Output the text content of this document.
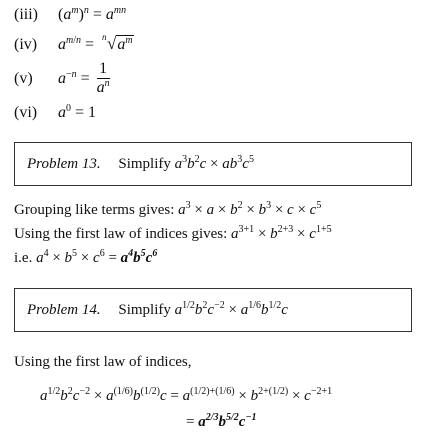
(iii) $(a^m)^n = a^{mn}$
(iv) $a^{m/n} = n$ $√a^m$
(v) $a^{-n} = \frac{1}{a^n}$
(vi) $a^0 = 1$
Problem 13. Simplify $a^3b^2c \times ab^3c^5$
Grouping like terms gives: $a^3 \times a \times b^2 \times b^3 \times c \times c^5$
Using the first law of indices gives: $a^{3+1} \times b^{2+3} \times c^{1+5}$
i.e. $a^4 \times b^5 \times c^6 = a^4b^5c^6$
Problem 14. Simplify $a^{1/2}b^2c^{-2} \times a^{1/6}b^{1/2}c$
Using the first law of indices,
$a^{1/2}b^2c^{-2} \times a^{(1/6)}b^{(1/2)}c = a^{(1/2)+(1/6)} \times b^{2+(1/2)} \times c^{-2+1}$
= $a^{2/3}b^{5/2}c^{-1}$
